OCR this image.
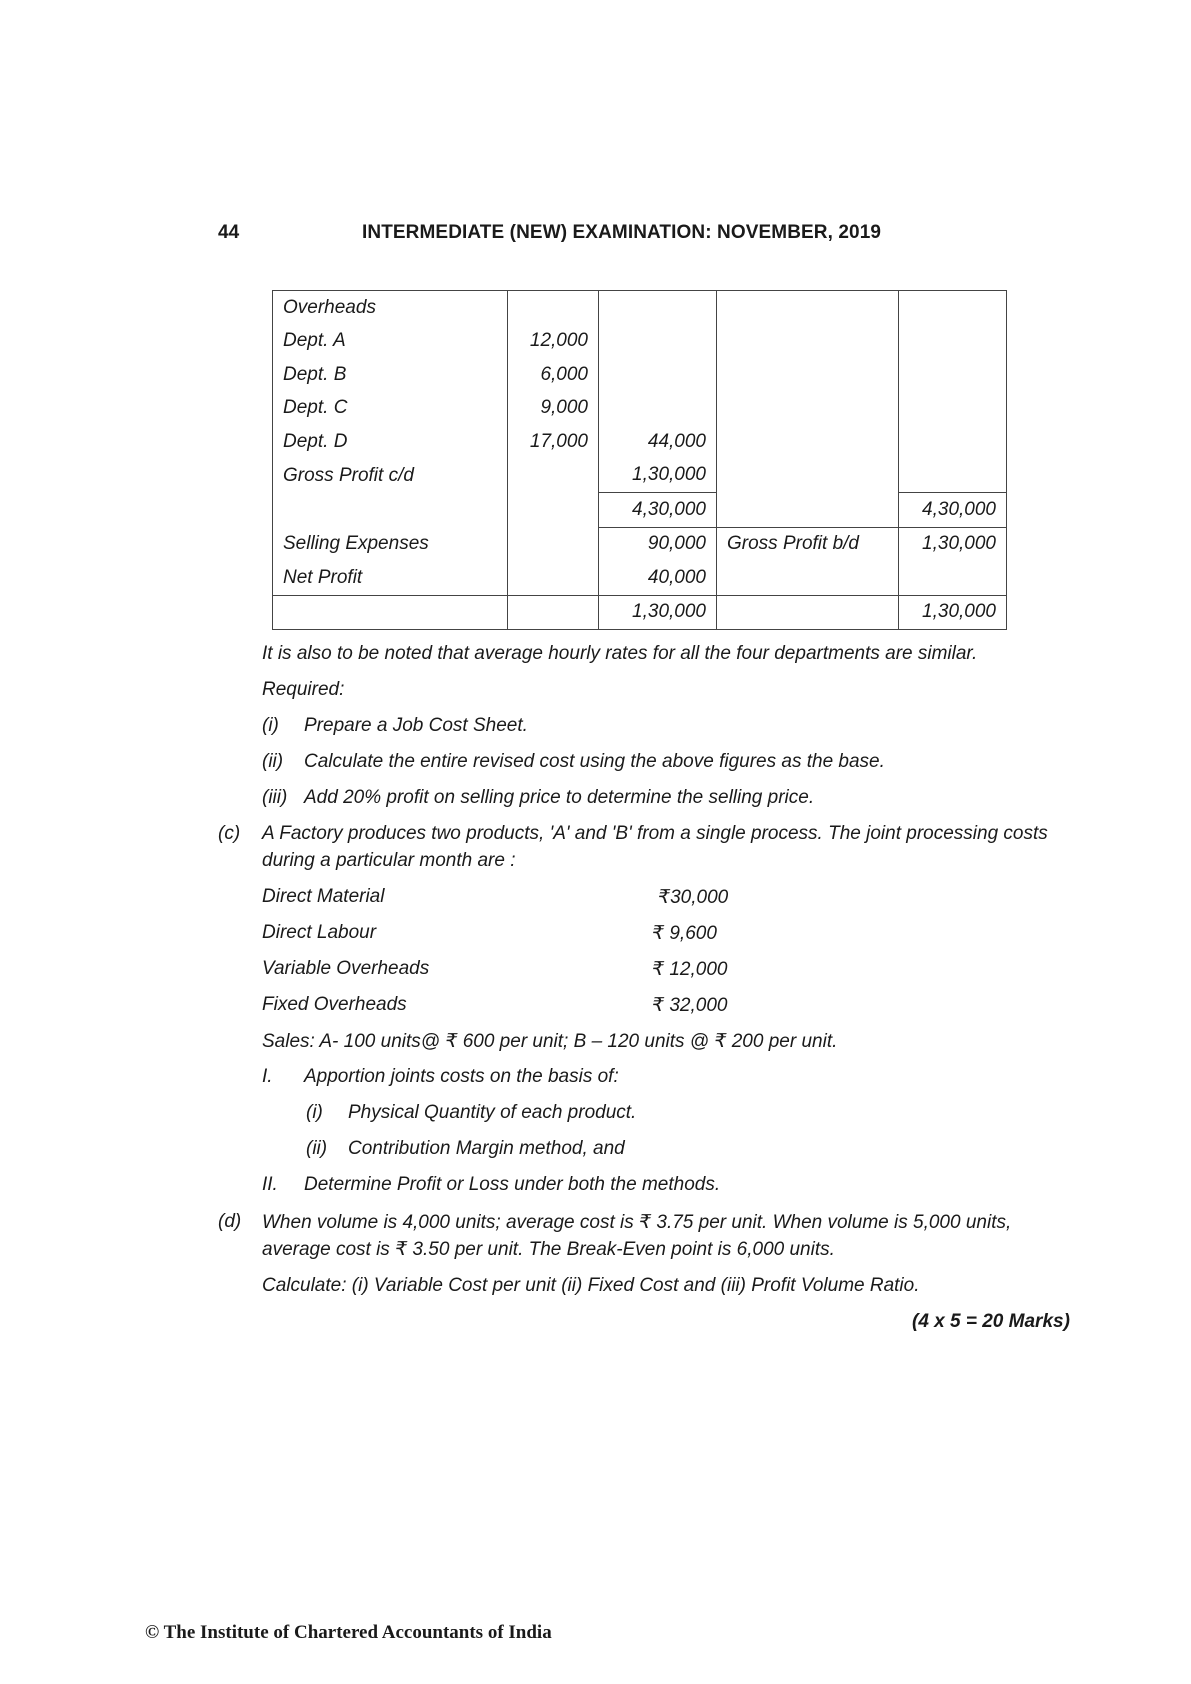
44	INTERMEDIATE (NEW) EXAMINATION: NOVEMBER, 2019
Overheads				
Dept. A	12,000			
Dept. B	6,000			
Dept. C	9,000			
Dept. D	17,000	44,000		
Gross Profit c/d		1,30,000		
		4,30,000		4,30,000
Selling Expenses		90,000	Gross Profit b/d	1,30,000
Net Profit		40,000		
		1,30,000		1,30,000
It is also to be noted that average hourly rates for all the four departments are similar.
Required:
(i) Prepare a Job Cost Sheet.
(ii) Calculate the entire revised cost using the above figures as the base.
(iii) Add 20% profit on selling price to determine the selling price.
(c) A Factory produces two products, 'A' and 'B' from a single process. The joint processing costs
during a particular month are :
Direct Material	₹30,000
Direct Labour	₹ 9,600
Variable Overheads	₹ 12,000
Fixed Overheads	₹ 32,000
Sales: A- 100 units@ ₹ 600 per unit; B – 120 units @ ₹ 200 per unit.
I. Apportion joints costs on the basis of:
(i) Physical Quantity of each product.
(ii) Contribution Margin method, and
II. Determine Profit or Loss under both the methods.
(d) When volume is 4,000 units; average cost is ₹ 3.75 per unit. When volume is 5,000 units,
average cost is ₹ 3.50 per unit. The Break-Even point is 6,000 units.
Calculate: (i) Variable Cost per unit (ii) Fixed Cost and (iii) Profit Volume Ratio.
(4 x 5 = 20 Marks)
© The Institute of Chartered Accountants of India
